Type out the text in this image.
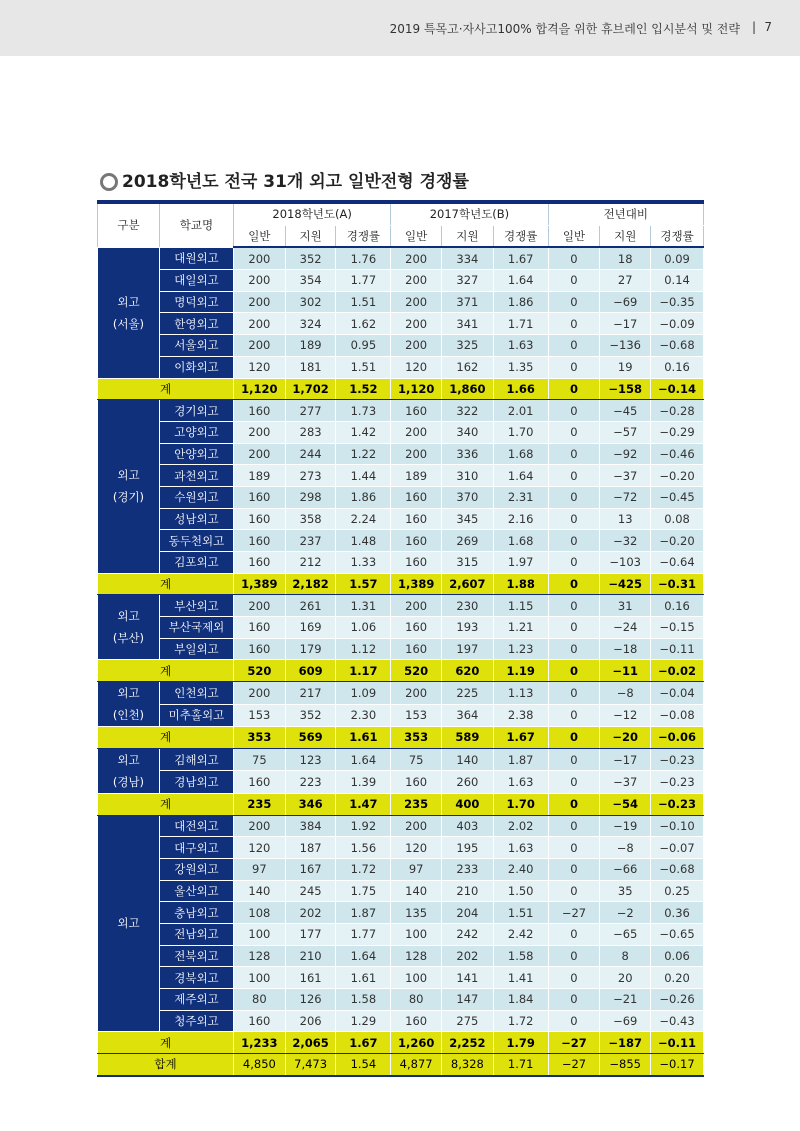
2019 특목고·자사고100% 합격을 위한 휴브레인 입시분석 및 전략 | 7
2018학년도 전국 31개 외고 일반전형 경쟁률
구분	학교명	2018학년도(A)			2017학년도(B)			전년대비		
		일반	지원	경쟁률	일반	지원	경쟁률	일반	지원	경쟁률
외고
(서울)	대원외고	200	352	1.76	200	334	1.67	0	18	0.09
	대일외고	200	354	1.77	200	327	1.64	0	27	0.14
	명덕외고	200	302	1.51	200	371	1.86	0	−69	−0.35
	한영외고	200	324	1.62	200	341	1.71	0	−17	−0.09
	서울외고	200	189	0.95	200	325	1.63	0	−136	−0.68
	이화외고	120	181	1.51	120	162	1.35	0	19	0.16
계		1,120	1,702	1.52	1,120	1,860	1.66	0	−158	−0.14
외고
(경기)	경기외고	160	277	1.73	160	322	2.01	0	−45	−0.28
	고양외고	200	283	1.42	200	340	1.70	0	−57	−0.29
	안양외고	200	244	1.22	200	336	1.68	0	−92	−0.46
	과천외고	189	273	1.44	189	310	1.64	0	−37	−0.20
	수원외고	160	298	1.86	160	370	2.31	0	−72	−0.45
	성남외고	160	358	2.24	160	345	2.16	0	13	0.08
	동두천외고	160	237	1.48	160	269	1.68	0	−32	−0.20
	김포외고	160	212	1.33	160	315	1.97	0	−103	−0.64
계		1,389	2,182	1.57	1,389	2,607	1.88	0	−425	−0.31
외고
(부산)	부산외고	200	261	1.31	200	230	1.15	0	31	0.16
	부산국제외	160	169	1.06	160	193	1.21	0	−24	−0.15
	부일외고	160	179	1.12	160	197	1.23	0	−18	−0.11
계		520	609	1.17	520	620	1.19	0	−11	−0.02
외고
(인천)	인천외고	200	217	1.09	200	225	1.13	0	−8	−0.04
	미추홀외고	153	352	2.30	153	364	2.38	0	−12	−0.08
계		353	569	1.61	353	589	1.67	0	−20	−0.06
외고
(경남)	김해외고	75	123	1.64	75	140	1.87	0	−17	−0.23
	경남외고	160	223	1.39	160	260	1.63	0	−37	−0.23
계		235	346	1.47	235	400	1.70	0	−54	−0.23
외고	대전외고	200	384	1.92	200	403	2.02	0	−19	−0.10
	대구외고	120	187	1.56	120	195	1.63	0	−8	−0.07
	강원외고	97	167	1.72	97	233	2.40	0	−66	−0.68
	울산외고	140	245	1.75	140	210	1.50	0	35	0.25
	충남외고	108	202	1.87	135	204	1.51	−27	−2	0.36
	전남외고	100	177	1.77	100	242	2.42	0	−65	−0.65
	전북외고	128	210	1.64	128	202	1.58	0	8	0.06
	경북외고	100	161	1.61	100	141	1.41	0	20	0.20
	제주외고	80	126	1.58	80	147	1.84	0	−21	−0.26
	청주외고	160	206	1.29	160	275	1.72	0	−69	−0.43
계		1,233	2,065	1.67	1,260	2,252	1.79	−27	−187	−0.11
합계		4,850	7,473	1.54	4,877	8,328	1.71	−27	−855	−0.17
